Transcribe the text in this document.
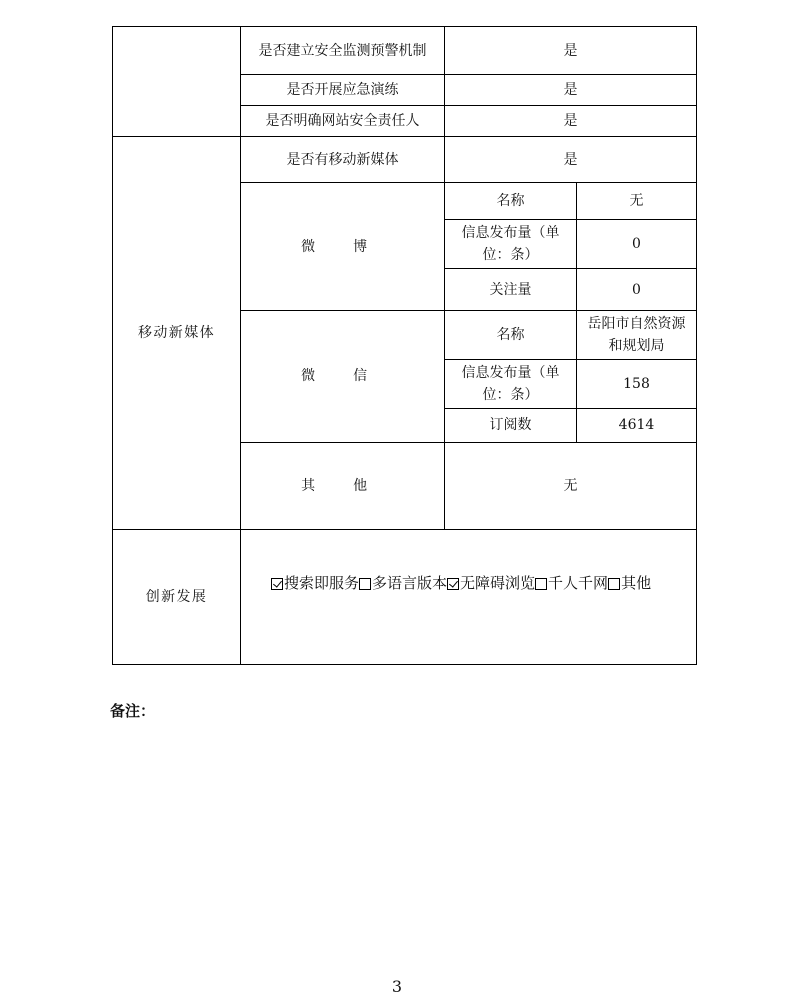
	是否建立安全监测预警机制	是	
	是否开展应急演练	是	
	是否明确网站安全责任人	是	
移动新媒体	是否有移动新媒体	是	
	微 博	名称	无
		信息发布量（单位：条）	0
		关注量	0
	微 信	名称	岳阳市自然资源和规划局
		信息发布量（单位：条）	158
		订阅数	4614
	其 他	无	
创新发展	搜索即服务 多语言版本 无障碍浏览 千人千网 其他		
备注：
3
